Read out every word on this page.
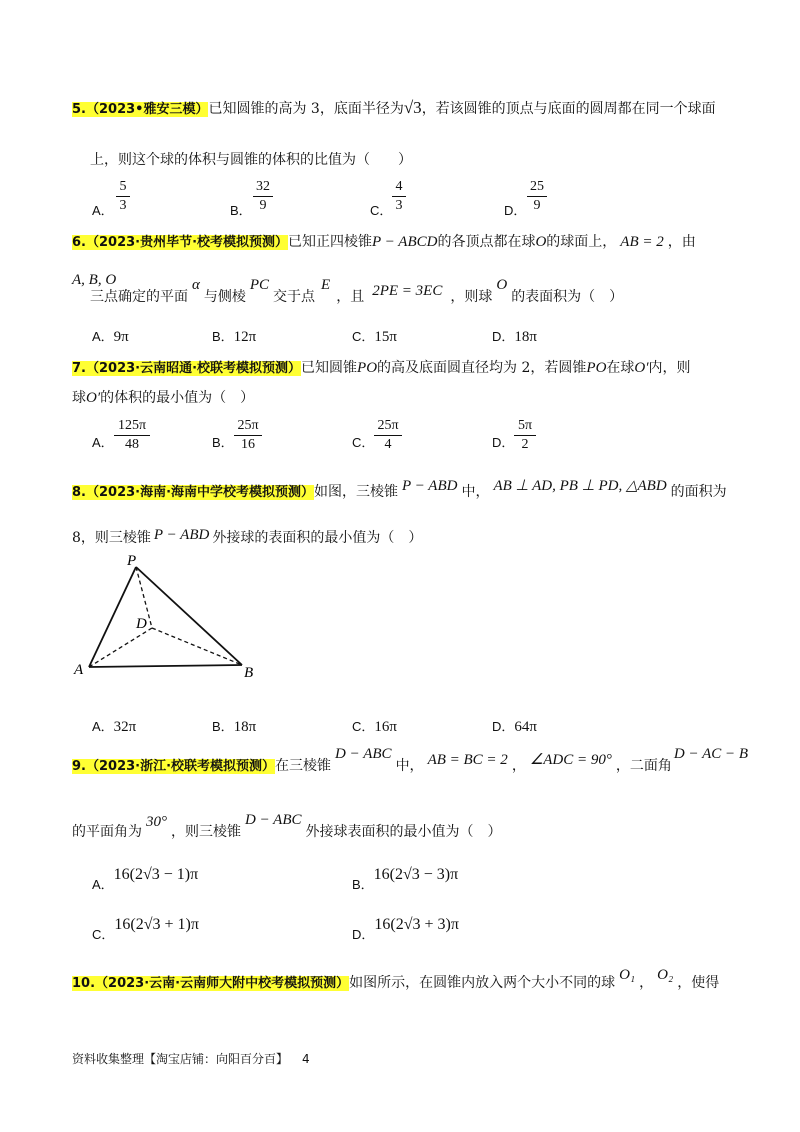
5.（2023•雅安三模）已知圆锥的高为 3，底面半径为√3，若该圆锥的顶点与底面的圆周都在同一个球面
上，则这个球的体积与圆锥的体积的比值为（　　）
A．
5
3	B．
32
9	C．
4
3	D．
25
9
6.（2023·贵州毕节·校考模拟预测）已知正四棱锥P − ABCD的各顶点都在球O的球面上， AB = 2 ，由
A, B, O
三点确定的平面α与侧棱PC交于点E，且 2PE = 3EC ，则球O的表面积为（　）
A．9π	B．12π	C．15π	D．18π
7.（2023·云南昭通·校联考模拟预测）已知圆锥PO的高及底面圆直径均为 2，若圆锥PO在球O′内，则
球O′的体积的最小值为（　）
A．
125π
48	B．
25π
16	C．
25π
4	D．
5π
2
8.（2023·海南·海南中学校考模拟预测）如图，三棱锥 P − ABD 中， AB ⊥ AD, PB ⊥ PD, △ABD 的面积为
8，则三棱锥 P − ABD 外接球的表面积的最小值为（　）
P
D
A	B
A．32π	B．18π	C．16π	D．64π
9.（2023·浙江·校联考模拟预测）在三棱锥D − ABC中， AB = BC = 2 ， ∠ADC = 90° ，二面角D − AC − B
的平面角为30°，则三棱锥D − ABC外接球表面积的最小值为（　）
A．16(2√3 − 1)π
B．16(2√3 − 3)π
C．16(2√3 + 1)π
D．16(2√3 + 3)π
10.（2023·云南·云南师大附中校考模拟预测）如图所示，在圆锥内放入两个大小不同的球 O₁ ， O₂ ，使得
资料收集整理【淘宝店铺：向阳百分百】 4
